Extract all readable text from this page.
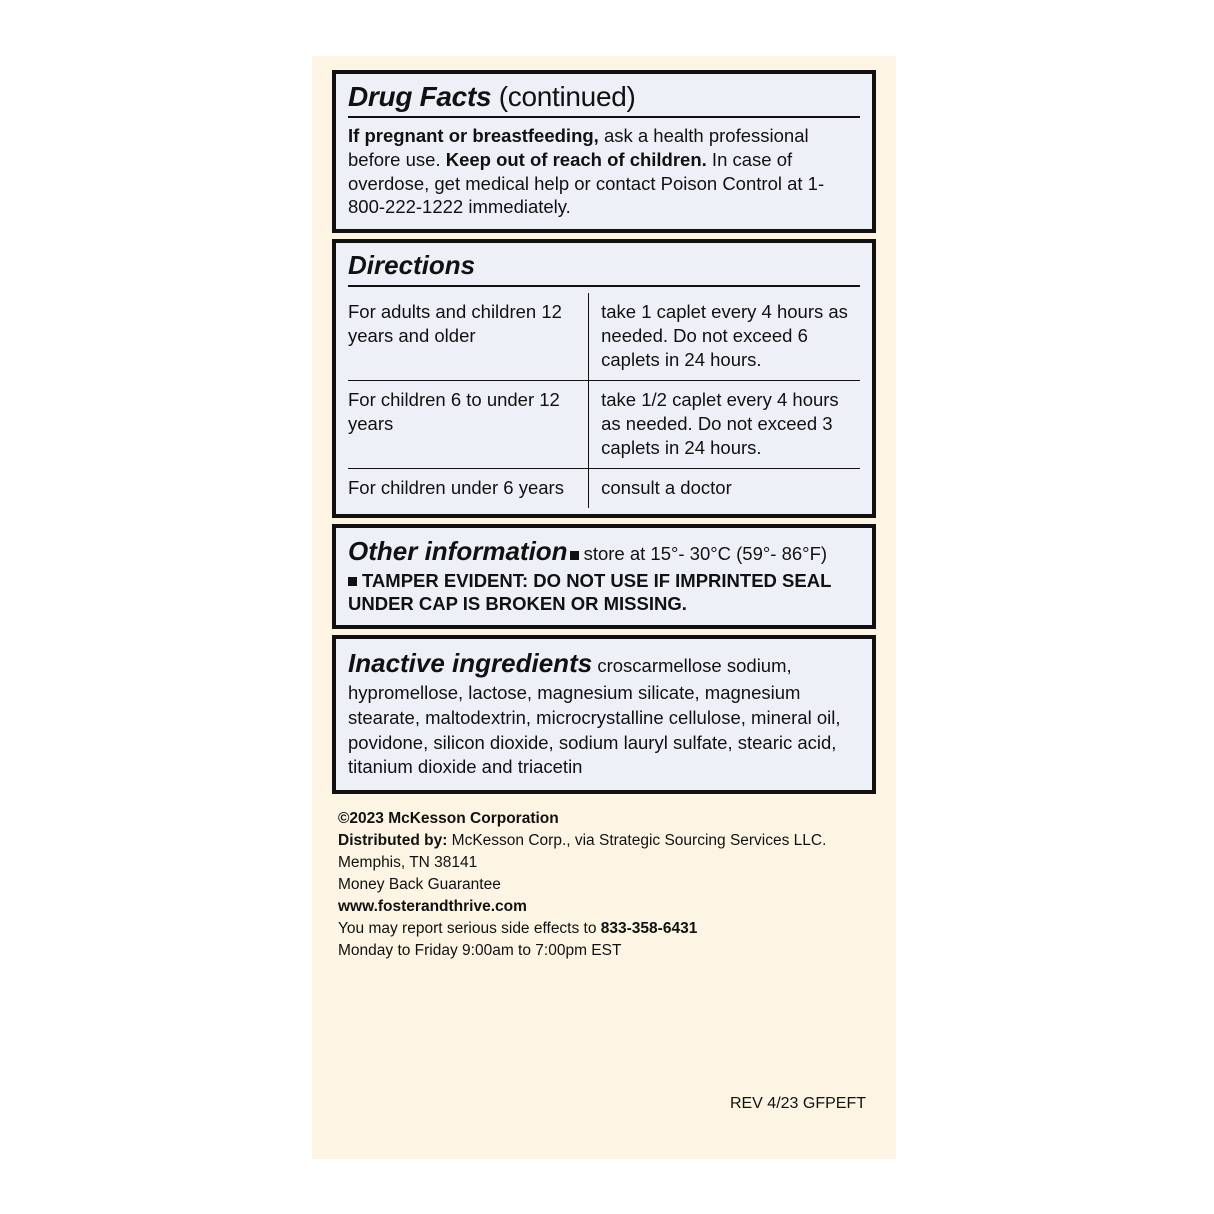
Drug Facts (continued)
If pregnant or breastfeeding, ask a health professional before use. Keep out of reach of children. In case of overdose, get medical help or contact Poison Control at 1-800-222-1222 immediately.
Directions
For adults and children 12 years and older	take 1 caplet every 4 hours as needed. Do not exceed 6 caplets in 24 hours.
For children 6 to under 12 years	take 1/2 caplet every 4 hours as needed. Do not exceed 3 caplets in 24 hours.
For children under 6 years	consult a doctor
Other information store at 15°- 30°C (59°- 86°F)
TAMPER EVIDENT: DO NOT USE IF IMPRINTED SEAL UNDER CAP IS BROKEN OR MISSING.
Inactive ingredients croscarmellose sodium, hypromellose, lactose, magnesium silicate, magnesium stearate, maltodextrin, microcrystalline cellulose, mineral oil, povidone, silicon dioxide, sodium lauryl sulfate, stearic acid, titanium dioxide and triacetin
©2023 McKesson Corporation
Distributed by: McKesson Corp., via Strategic Sourcing Services LLC.
Memphis, TN 38141
Money Back Guarantee
www.fosterandthrive.com
You may report serious side effects to 833-358-6431
Monday to Friday 9:00am to 7:00pm EST
REV 4/23 GFPEFT
